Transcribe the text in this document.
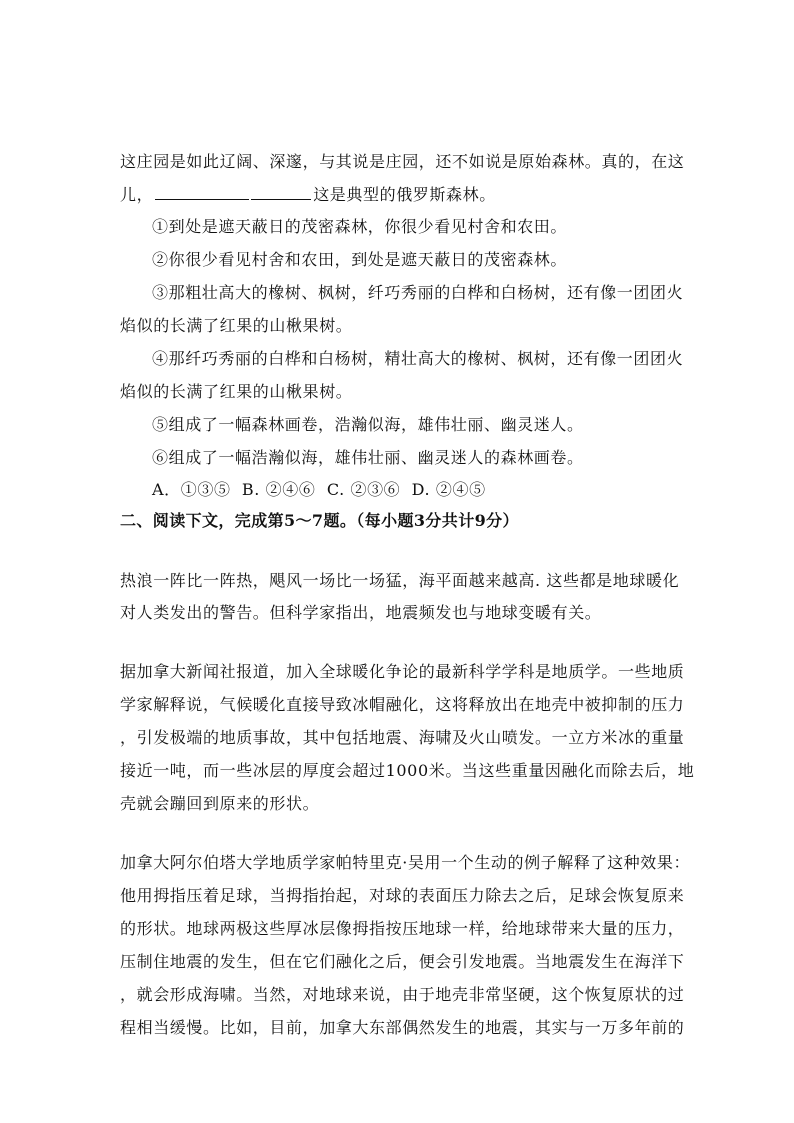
这庄园是如此辽阔、深邃，与其说是庄园，还不如说是原始森林。真的，在这
儿，	这是典型的俄罗斯森林。
①到处是遮天蔽日的茂密森林，你很少看见村舍和农田。
②你很少看见村舍和农田，到处是遮天蔽日的茂密森林。
③那粗壮高大的橡树、枫树，纤巧秀丽的白桦和白杨树，还有像一团团火
焰似的长满了红果的山楸果树。
④那纤巧秀丽的白桦和白杨树，精壮高大的橡树、枫树，还有像一团团火
焰似的长满了红果的山楸果树。
⑤组成了一幅森林画卷，浩瀚似海，雄伟壮丽、幽灵迷人。
⑥组成了一幅浩瀚似海，雄伟壮丽、幽灵迷人的森林画卷。
A．①③⑤  B. ②④⑥  C. ②③⑥  D. ②④⑤
二、阅读下文，完成第5～7题。（每小题3分共计9分）
热浪一阵比一阵热，飓风一场比一场猛，海平面越来越高. 这些都是地球暖化
对人类发出的警告。但科学家指出，地震频发也与地球变暖有关。
据加拿大新闻社报道，加入全球暖化争论的最新科学学科是地质学。一些地质
学家解释说，气候暖化直接导致冰帽融化，这将释放出在地壳中被抑制的压力
，引发极端的地质事故，其中包括地震、海啸及火山喷发。一立方米冰的重量
接近一吨，而一些冰层的厚度会超过1000米。当这些重量因融化而除去后，地
壳就会蹦回到原来的形状。
加拿大阿尔伯塔大学地质学家帕特里克·吴用一个生动的例子解释了这种效果：
他用拇指压着足球，当拇指抬起，对球的表面压力除去之后，足球会恢复原来
的形状。地球两极这些厚冰层像拇指按压地球一样，给地球带来大量的压力，
压制住地震的发生，但在它们融化之后，便会引发地震。当地震发生在海洋下
，就会形成海啸。当然，对地球来说，由于地壳非常坚硬，这个恢复原状的过
程相当缓慢。比如，目前，加拿大东部偶然发生的地震，其实与一万多年前的
